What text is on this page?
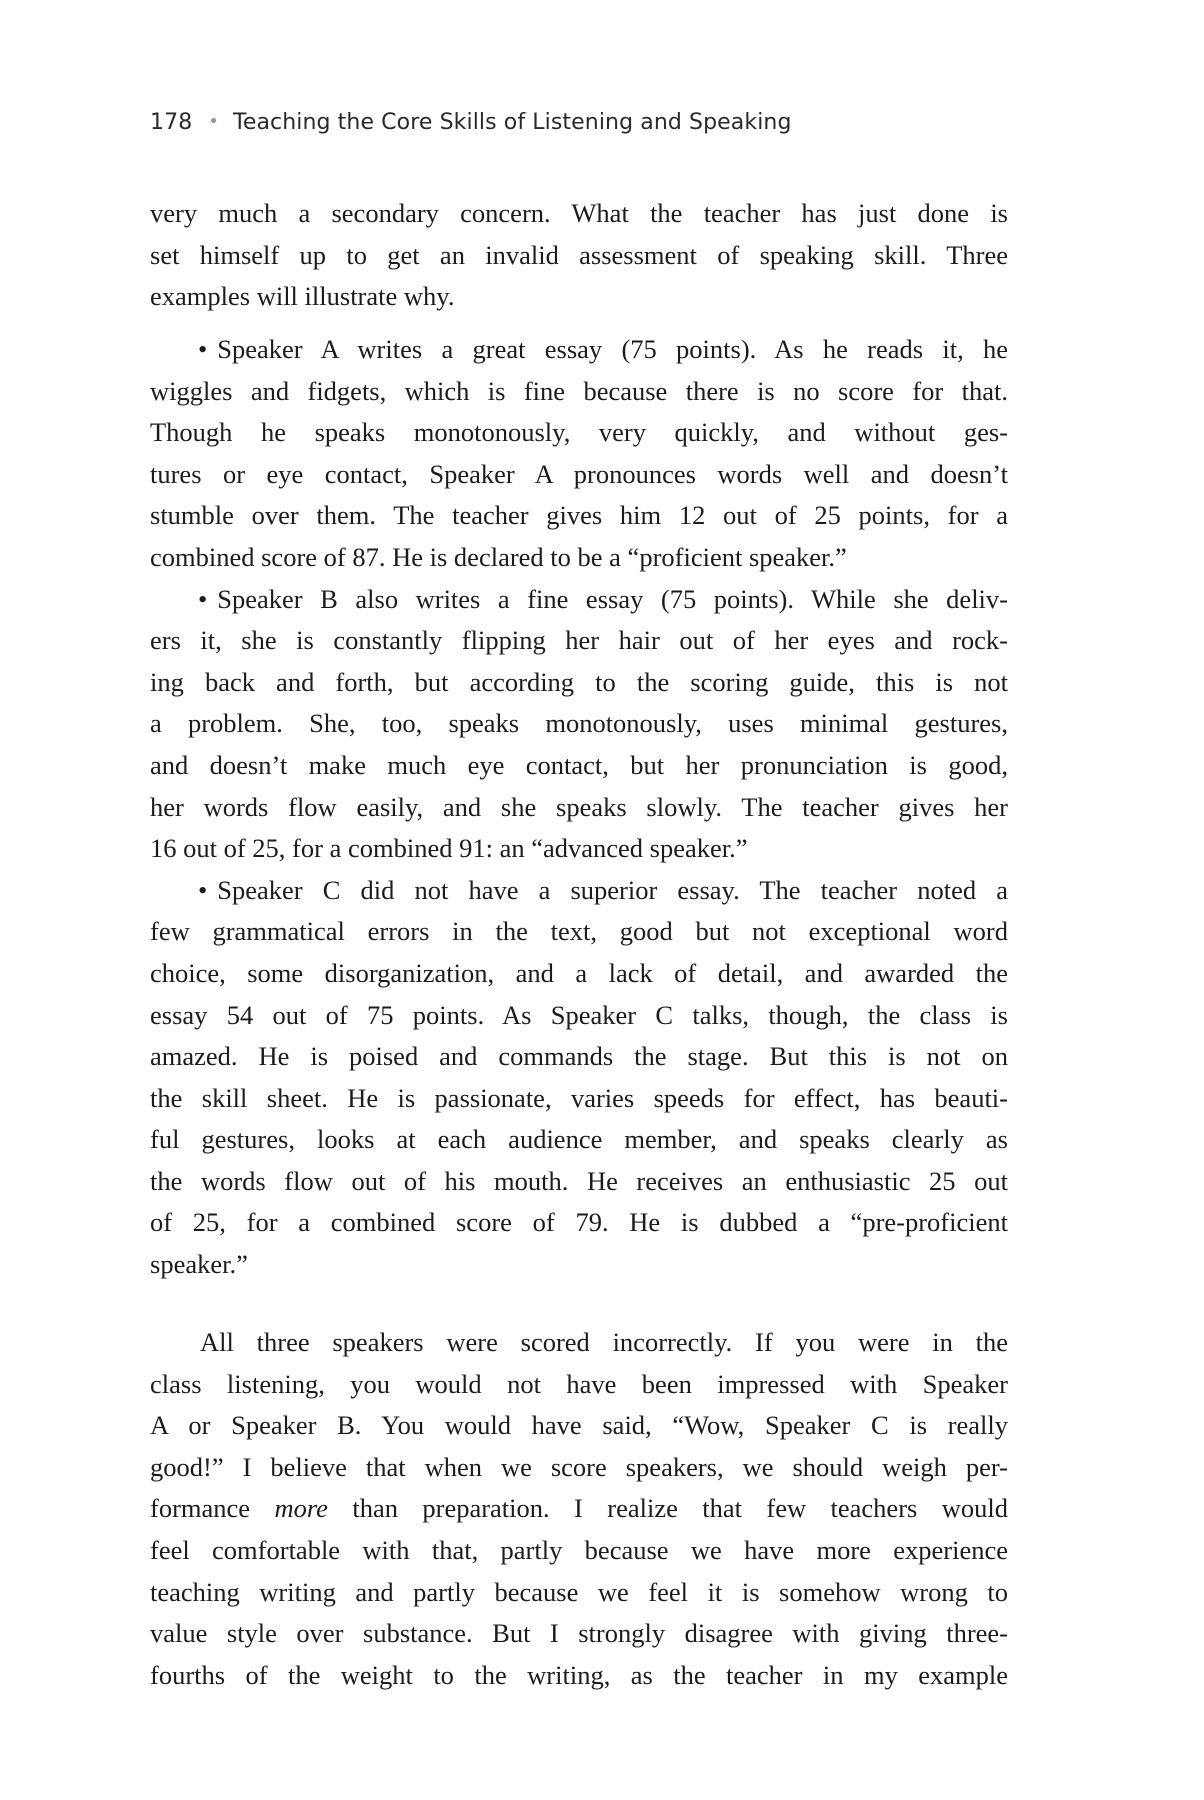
178 • Teaching the Core Skills of Listening and Speaking
very much a secondary concern. What the teacher has just done is
set himself up to get an invalid assessment of speaking skill. Three
examples will illustrate why.
• Speaker A writes a great essay (75 points). As he reads it, he
wiggles and fidgets, which is fine because there is no score for that.
Though he speaks monotonously, very quickly, and without ges-
tures or eye contact, Speaker A pronounces words well and doesn’t
stumble over them. The teacher gives him 12 out of 25 points, for a
combined score of 87. He is declared to be a “proficient speaker.”
• Speaker B also writes a fine essay (75 points). While she deliv-
ers it, she is constantly flipping her hair out of her eyes and rock-
ing back and forth, but according to the scoring guide, this is not
a problem. She, too, speaks monotonously, uses minimal gestures,
and doesn’t make much eye contact, but her pronunciation is good,
her words flow easily, and she speaks slowly. The teacher gives her
16 out of 25, for a combined 91: an “advanced speaker.”
• Speaker C did not have a superior essay. The teacher noted a
few grammatical errors in the text, good but not exceptional word
choice, some disorganization, and a lack of detail, and awarded the
essay 54 out of 75 points. As Speaker C talks, though, the class is
amazed. He is poised and commands the stage. But this is not on
the skill sheet. He is passionate, varies speeds for effect, has beauti-
ful gestures, looks at each audience member, and speaks clearly as
the words flow out of his mouth. He receives an enthusiastic 25 out
of 25, for a combined score of 79. He is dubbed a “pre-proficient
speaker.”
All three speakers were scored incorrectly. If you were in the
class listening, you would not have been impressed with Speaker
A or Speaker B. You would have said, “Wow, Speaker C is really
good!” I believe that when we score speakers, we should weigh per-
formance more than preparation. I realize that few teachers would
feel comfortable with that, partly because we have more experience
teaching writing and partly because we feel it is somehow wrong to
value style over substance. But I strongly disagree with giving three-
fourths of the weight to the writing, as the teacher in my example
